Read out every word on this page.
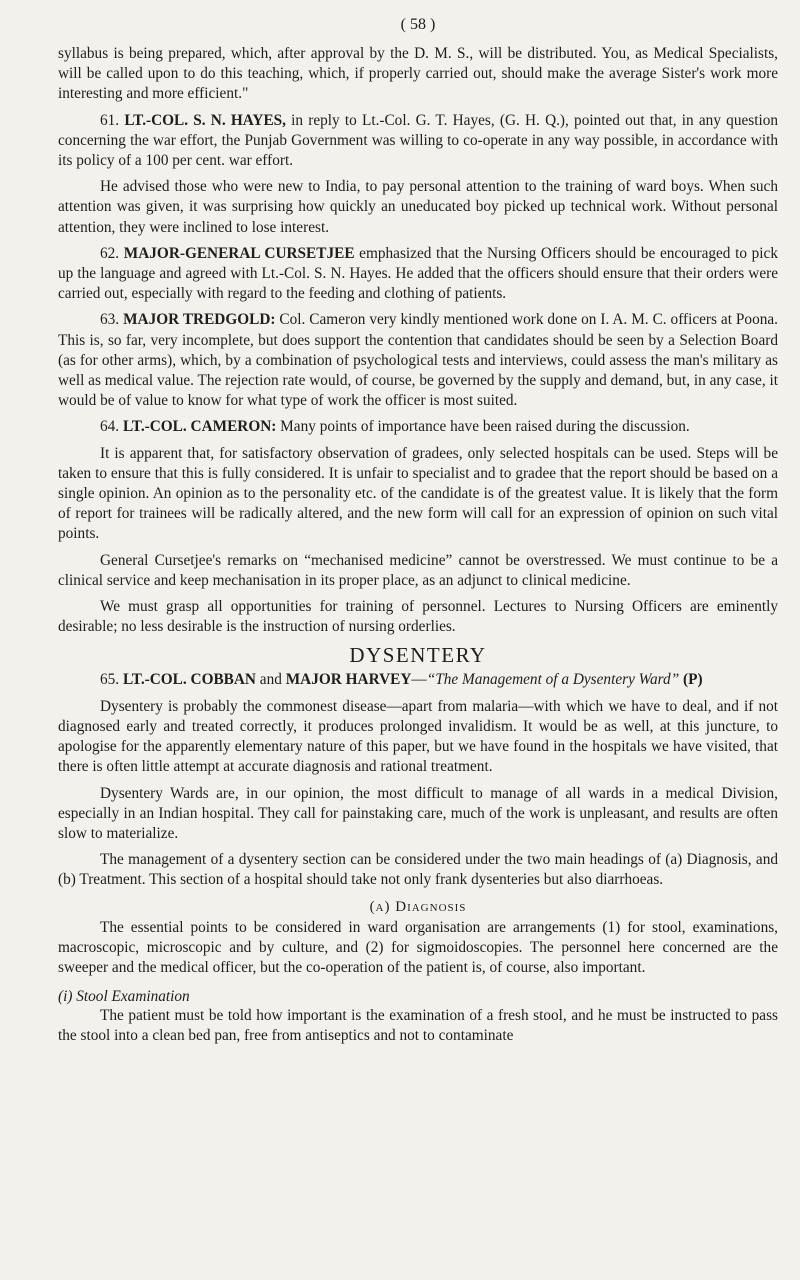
( 58 )

syllabus is being prepared, which, after approval by the D. M. S., will be distributed. You, as Medical Specialists, will be called upon to do this teaching, which, if properly carried out, should make the average Sister's work more interesting and more efficient."

61. LT.-COL. S. N. HAYES, in reply to Lt.-Col. G. T. Hayes, (G. H. Q.), pointed out that, in any question concerning the war effort, the Punjab Government was willing to co-operate in any way possible, in accordance with its policy of a 100 per cent. war effort.

He advised those who were new to India, to pay personal attention to the training of ward boys. When such attention was given, it was surprising how quickly an uneducated boy picked up technical work. Without personal attention, they were inclined to lose interest.

62. MAJOR-GENERAL CURSETJEE emphasized that the Nursing Officers should be encouraged to pick up the language and agreed with Lt.-Col. S. N. Hayes. He added that the officers should ensure that their orders were carried out, especially with regard to the feeding and clothing of patients.

63. MAJOR TREDGOLD: Col. Cameron very kindly mentioned work done on I. A. M. C. officers at Poona. This is, so far, very incomplete, but does support the contention that candidates should be seen by a Selection Board (as for other arms), which, by a combination of psychological tests and interviews, could assess the man's military as well as medical value. The rejection rate would, of course, be governed by the supply and demand, but, in any case, it would be of value to know for what type of work the officer is most suited.

64. LT.-COL. CAMERON: Many points of importance have been raised during the discussion.

It is apparent that, for satisfactory observation of gradees, only selected hospitals can be used. Steps will be taken to ensure that this is fully considered. It is unfair to specialist and to gradee that the report should be based on a single opinion. An opinion as to the personality etc. of the candidate is of the greatest value. It is likely that the form of report for trainees will be radically altered, and the new form will call for an expression of opinion on such vital points.

General Cursetjee's remarks on “mechanised medicine” cannot be overstressed. We must continue to be a clinical service and keep mechanisation in its proper place, as an adjunct to clinical medicine.

We must grasp all opportunities for training of personnel. Lectures to Nursing Officers are eminently desirable; no less desirable is the instruction of nursing orderlies.

DYSENTERY

65. LT.-COL. COBBAN and MAJOR HARVEY—“The Management of a Dysentery Ward” (P)

Dysentery is probably the commonest disease—apart from malaria—with which we have to deal, and if not diagnosed early and treated correctly, it produces prolonged invalidism. It would be as well, at this juncture, to apologise for the apparently elementary nature of this paper, but we have found in the hospitals we have visited, that there is often little attempt at accurate diagnosis and rational treatment.

Dysentery Wards are, in our opinion, the most difficult to manage of all wards in a medical Division, especially in an Indian hospital. They call for painstaking care, much of the work is unpleasant, and results are often slow to materialize.

The management of a dysentery section can be considered under the two main headings of (a) Diagnosis, and (b) Treatment. This section of a hospital should take not only frank dysenteries but also diarrhoeas.

(a) Diagnosis

The essential points to be considered in ward organisation are arrangements (1) for stool, examinations, macroscopic, microscopic and by culture, and (2) for sigmoidoscopies. The personnel here concerned are the sweeper and the medical officer, but the co-operation of the patient is, of course, also important.

(i) Stool Examination

The patient must be told how important is the examination of a fresh stool, and he must be instructed to pass the stool into a clean bed pan, free from antiseptics and not to contaminate
